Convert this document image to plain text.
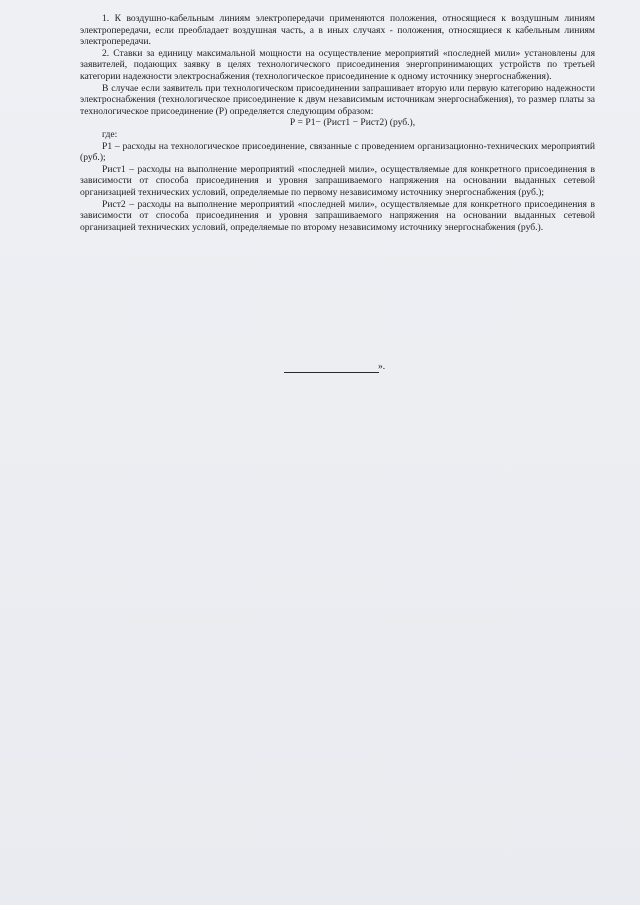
1. К воздушно-кабельным линиям электропередачи применяются положения, относящиеся к воздушным линиям электропередачи, если преобладает воздушная часть, а в иных случаях - положения, относящиеся к кабельным линиям электропередачи.

2. Ставки за единицу максимальной мощности на осуществление мероприятий «последней мили» установлены для заявителей, подающих заявку в целях технологического присоединения энергопринимающих устройств по третьей категории надежности электроснабжения (технологическое присоединение к одному источнику энергоснабжения).

В случае если заявитель при технологическом присоединении запрашивает вторую или первую категорию надежности электроснабжения (технологическое присоединение к двум независимым источникам энергоснабжения), то размер платы за технологическое присоединение (Р) определяется следующим образом:

Р = Р1− (Рист1 − Рист2) (руб.),

где:

Р1 – расходы на технологическое присоединение, связанные с проведением организационно-технических мероприятий (руб.);

Рист1 – расходы на выполнение мероприятий «последней мили», осуществляемые для конкретного присоединения в зависимости от способа присоединения и уровня запрашиваемого напряжения на основании выданных сетевой организацией технических условий, определяемые по первому независимому источнику энергоснабжения (руб.);

Рист2 – расходы на выполнение мероприятий «последней мили», осуществляемые для конкретного присоединения в зависимости от способа присоединения и уровня запрашиваемого напряжения на основании выданных сетевой организацией технических условий, определяемые по второму независимому источнику энергоснабжения (руб.).

».
